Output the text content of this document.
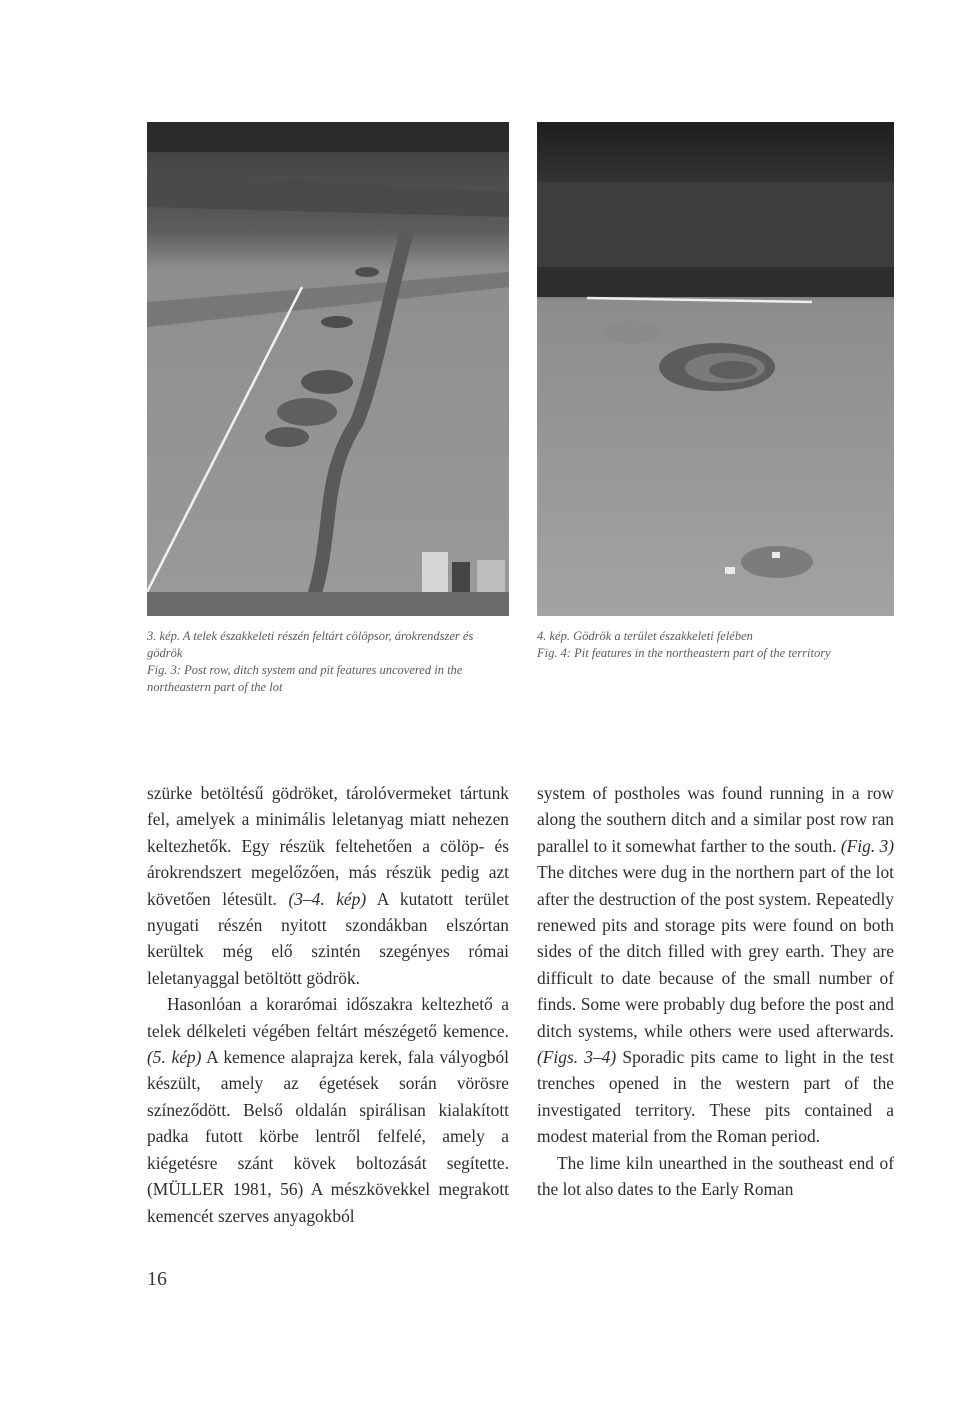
3. kép. A telek északkeleti részén feltárt cölöpsor, árokrendszer és gödrök

Fig. 3: Post row, ditch system and pit features uncovered in the northeastern part of the lot

4. kép. Gödrök a terület északkeleti felében

Fig. 4: Pit features in the northeastern part of the territory

szürke betöltésű gödröket, tárolóvermeket tártunk fel, amelyek a minimális leletanyag miatt nehezen keltezhetők. Egy részük feltehetően a cölöp- és árokrendszert megelőzően, más részük pedig azt követően létesült. (3–4. kép) A kutatott terület nyugati részén nyitott szondákban elszórtan kerültek még elő szintén szegényes római leletanyaggal betöltött gödrök.

Hasonlóan a korarómai időszakra keltezhető a telek délkeleti végében feltárt mészégető kemence. (5. kép) A kemence alaprajza kerek, fala vályogból készült, amely az égetések során vörösre színeződött. Belső oldalán spirálisan kialakított padka futott körbe lentről felfelé, amely a kiégetésre szánt kövek boltozását segítette. (MÜLLER 1981, 56) A mészkövekkel megrakott kemencét szerves anyagokból

system of postholes was found running in a row along the southern ditch and a similar post row ran parallel to it somewhat farther to the south. (Fig. 3) The ditches were dug in the northern part of the lot after the destruction of the post system. Repeatedly renewed pits and storage pits were found on both sides of the ditch filled with grey earth. They are difficult to date because of the small number of finds. Some were probably dug before the post and ditch systems, while others were used afterwards. (Figs. 3–4) Sporadic pits came to light in the test trenches opened in the western part of the investigated territory. These pits contained a modest material from the Roman period.

The lime kiln unearthed in the southeast end of the lot also dates to the Early Roman

16
